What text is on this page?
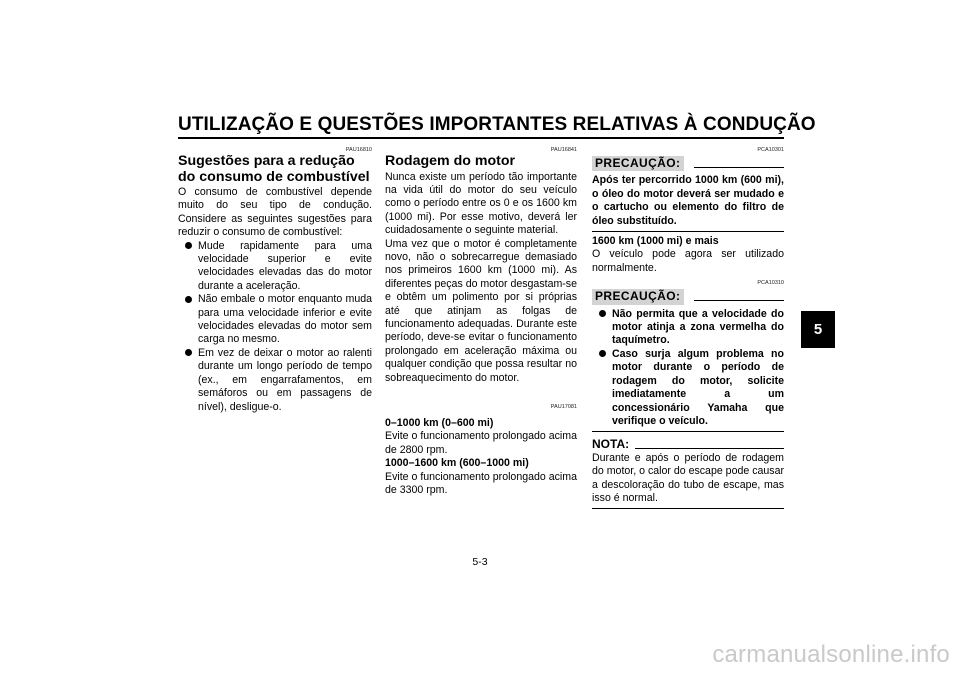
UTILIZAÇÃO E QUESTÕES IMPORTANTES RELATIVAS À CONDUÇÃO
5
PAU16810
Sugestões para a redução do consumo de combustível

O consumo de combustível depende muito do seu tipo de condução. Considere as seguintes sugestões para reduzir o consumo de combustível:

Mude rapidamente para uma velocidade superior e evite velocidades elevadas das do motor durante a aceleração.
Não embale o motor enquanto muda para uma velocidade inferior e evite velocidades elevadas do motor sem carga no mesmo.
Em vez de deixar o motor ao ralenti durante um longo período de tempo (ex., em engarrafamentos, em semáforos ou em passagens de nível), desligue-o.
PAU16841
Rodagem do motor

Nunca existe um período tão importante na vida útil do motor do seu veículo como o período entre os 0 e os 1600 km (1000 mi). Por esse motivo, deverá ler cuidadosamente o seguinte material.

Uma vez que o motor é completamente novo, não o sobrecarregue demasiado nos primeiros 1600 km (1000 mi). As diferentes peças do motor desgastam-se e obtêm um polimento por si próprias até que atinjam as folgas de funcionamento adequadas. Durante este período, deve-se evitar o funcionamento prolongado em aceleração máxima ou qualquer condição que possa resultar no sobreaquecimento do motor.

PAU17081

0–1000 km (0–600 mi)

Evite o funcionamento prolongado acima de 2800 rpm.

1000–1600 km (600–1000 mi)

Evite o funcionamento prolongado acima de 3300 rpm.

PCA10301
PRECAUÇÃO:

Após ter percorrido 1000 km (600 mi), o óleo do motor deverá ser mudado e o cartucho ou elemento do filtro de óleo substituído.

1600 km (1000 mi) e mais

O veículo pode agora ser utilizado normalmente.

PCA10310
PRECAUÇÃO:
Não permita que a velocidade do motor atinja a zona vermelha do taquímetro.
Caso surja algum problema no motor durante o período de rodagem do motor, solicite imediatamente a um concessionário Yamaha que verifique o veículo.
NOTA:

Durante e após o período de rodagem do motor, o calor do escape pode causar a descoloração do tubo de escape, mas isso é normal.

5-3
carmanualsonline.info
